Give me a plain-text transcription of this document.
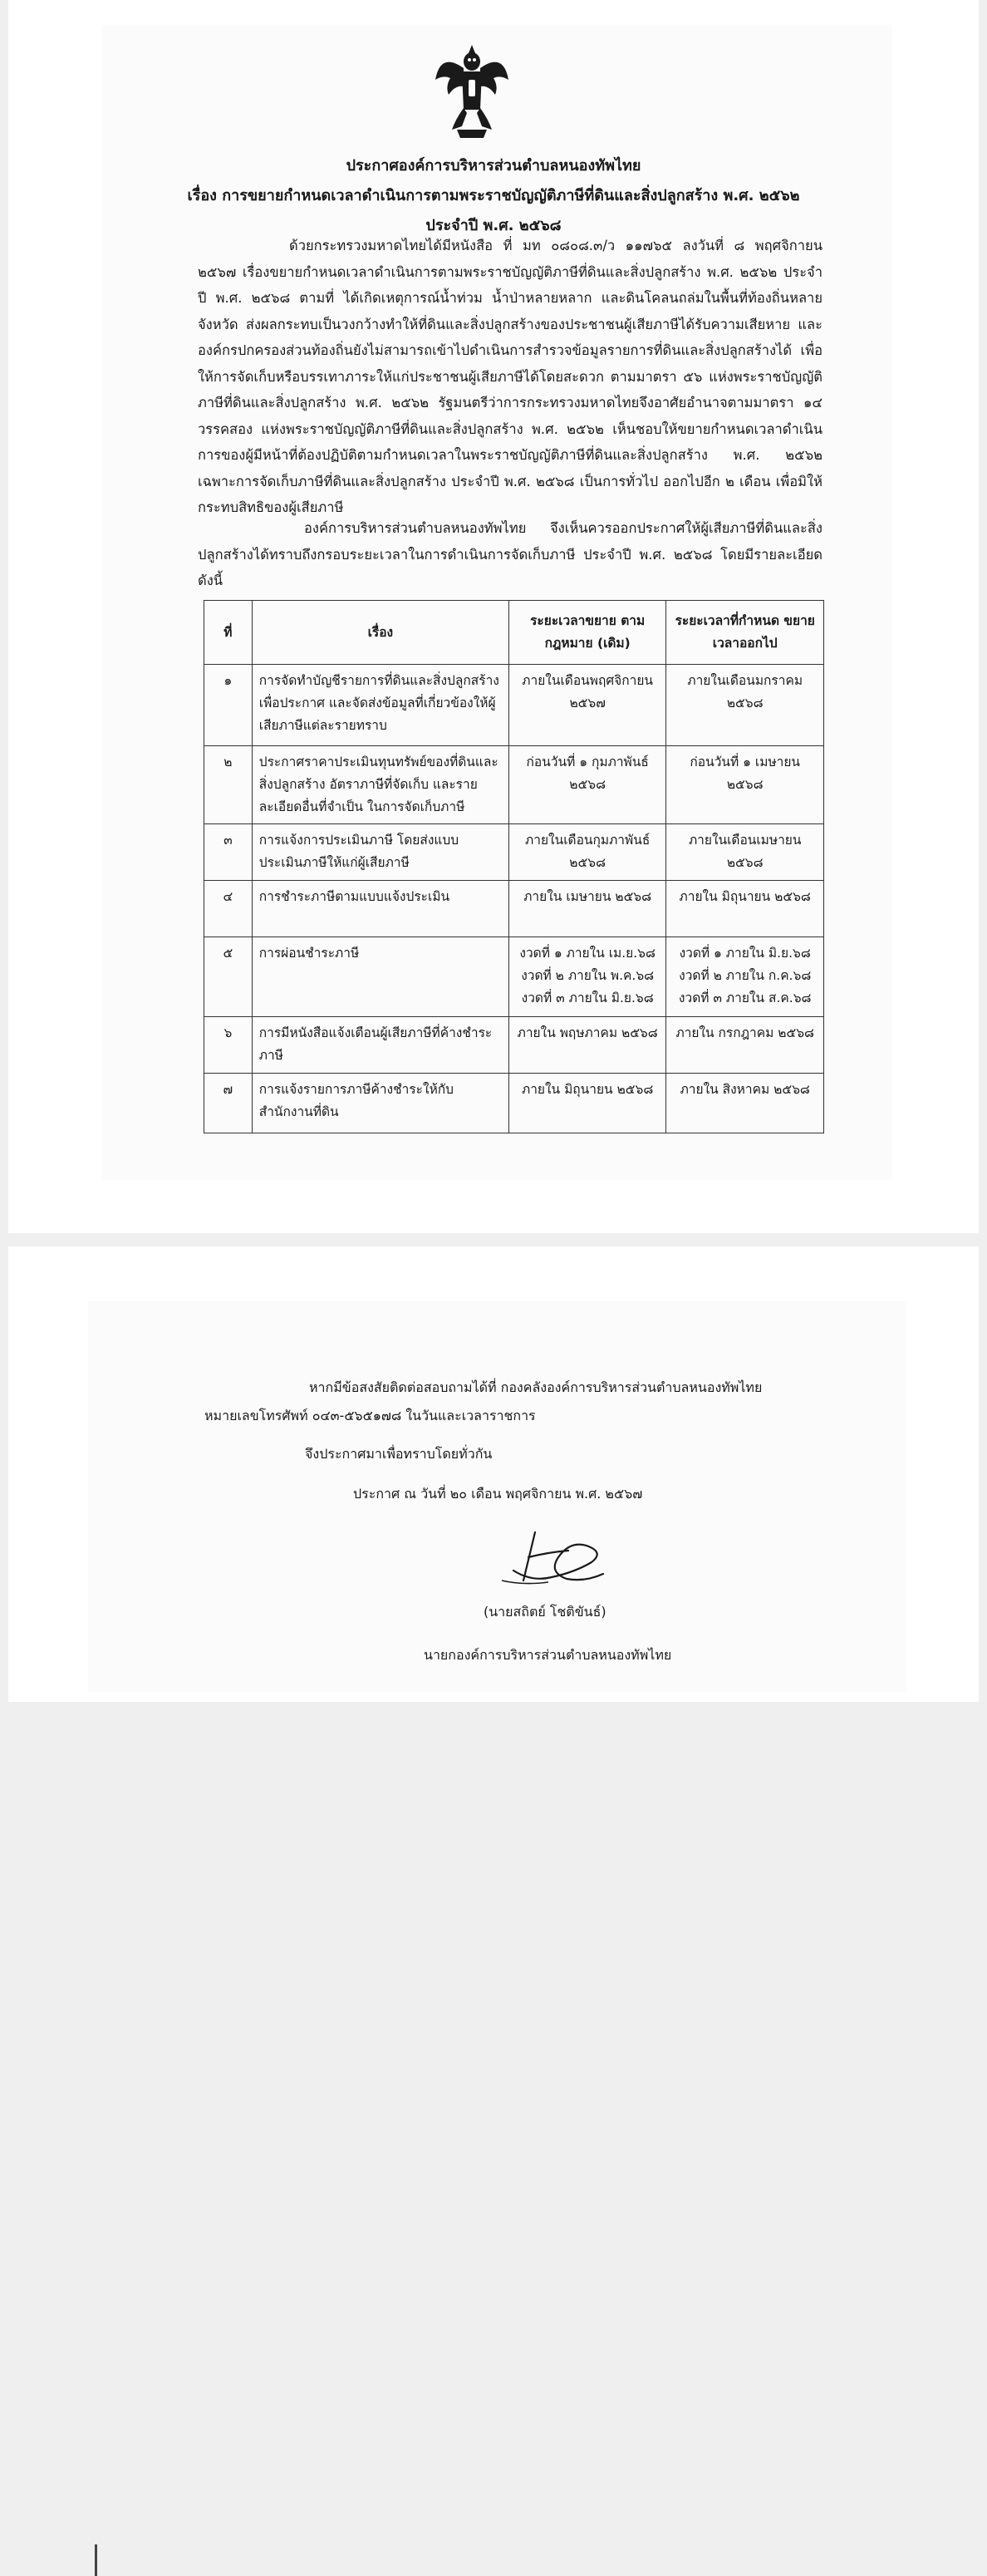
ประกาศองค์การบริหารส่วนตำบลหนองทัพไทย
เรื่อง การขยายกำหนดเวลาดำเนินการตามพระราชบัญญัติภาษีที่ดินและสิ่งปลูกสร้าง พ.ศ. ๒๕๖๒
ประจำปี พ.ศ. ๒๕๖๘
ด้วยกระทรวงมหาดไทยได้มีหนังสือ ที่ มท ๐๘๐๘.๓/ว ๑๑๗๖๕ ลงวันที่ ๘ พฤศจิกายน ๒๕๖๗ เรื่องขยายกำหนดเวลาดำเนินการตามพระราชบัญญัติภาษีที่ดินและสิ่งปลูกสร้าง พ.ศ. ๒๕๖๒ ประจำปี พ.ศ. ๒๕๖๘ ตามที่ ได้เกิดเหตุการณ์น้ำท่วม น้ำป่าหลายหลาก และดินโคลนถล่มในพื้นที่ท้องถิ่นหลายจังหวัด ส่งผลกระทบเป็นวงกว้างทำให้ที่ดินและสิ่งปลูกสร้างของประชาชนผู้เสียภาษีได้รับความเสียหาย และองค์กรปกครองส่วนท้องถิ่นยังไม่สามารถเข้าไปดำเนินการสำรวจข้อมูลรายการที่ดินและสิ่งปลูกสร้างได้ เพื่อให้การจัดเก็บหรือบรรเทาภาระให้แก่ประชาชนผู้เสียภาษีได้โดยสะดวก ตามมาตรา ๕๖ แห่งพระราชบัญญัติภาษีที่ดินและสิ่งปลูกสร้าง พ.ศ. ๒๕๖๒ รัฐมนตรีว่าการกระทรวงมหาดไทยจึงอาศัยอำนาจตามมาตรา ๑๔ วรรคสอง แห่งพระราชบัญญัติภาษีที่ดินและสิ่งปลูกสร้าง พ.ศ. ๒๕๖๒ เห็นชอบให้ขยายกำหนดเวลาดำเนินการของผู้มีหน้าที่ต้องปฏิบัติตามกำหนดเวลาในพระราชบัญญัติภาษีที่ดินและสิ่งปลูกสร้าง พ.ศ. ๒๕๖๒ เฉพาะการจัดเก็บภาษีที่ดินและสิ่งปลูกสร้าง ประจำปี พ.ศ. ๒๕๖๘ เป็นการทั่วไป ออกไปอีก ๒ เดือน เพื่อมิให้กระทบสิทธิของผู้เสียภาษี
องค์การบริหารส่วนตำบลหนองทัพไทย จึงเห็นควรออกประกาศให้ผู้เสียภาษีที่ดินและสิ่งปลูกสร้างได้ทราบถึงกรอบระยะเวลาในการดำเนินการจัดเก็บภาษี ประจำปี พ.ศ. ๒๕๖๘ โดยมีรายละเอียดดังนี้
ที่	เรื่อง	ระยะเวลาขยาย ตามกฎหมาย (เดิม)	ระยะเวลาที่กำหนด ขยายเวลาออกไป
๑	การจัดทำบัญชีรายการที่ดินและสิ่งปลูกสร้างเพื่อประกาศ และจัดส่งข้อมูลที่เกี่ยวข้องให้ผู้เสียภาษีแต่ละรายทราบ	ภายในเดือนพฤศจิกายน ๒๕๖๗	ภายในเดือนมกราคม ๒๕๖๘
๒	ประกาศราคาประเมินทุนทรัพย์ของที่ดินและสิ่งปลูกสร้าง อัตราภาษีที่จัดเก็บ และรายละเอียดอื่นที่จำเป็น ในการจัดเก็บภาษี	ก่อนวันที่ ๑ กุมภาพันธ์ ๒๕๖๘	ก่อนวันที่ ๑ เมษายน ๒๕๖๘
๓	การแจ้งการประเมินภาษี โดยส่งแบบประเมินภาษีให้แก่ผู้เสียภาษี	ภายในเดือนกุมภาพันธ์ ๒๕๖๘	ภายในเดือนเมษายน ๒๕๖๘
๔	การชำระภาษีตามแบบแจ้งประเมิน	ภายใน เมษายน ๒๕๖๘	ภายใน มิถุนายน ๒๕๖๘
๕	การผ่อนชำระภาษี	งวดที่ ๑ ภายใน เม.ย.๖๘ งวดที่ ๒ ภายใน พ.ค.๖๘ งวดที่ ๓ ภายใน มิ.ย.๖๘	งวดที่ ๑ ภายใน มิ.ย.๖๘ งวดที่ ๒ ภายใน ก.ค.๖๘ งวดที่ ๓ ภายใน ส.ค.๖๘
๖	การมีหนังสือแจ้งเตือนผู้เสียภาษีที่ค้างชำระภาษี	ภายใน พฤษภาคม ๒๕๖๘	ภายใน กรกฎาคม ๒๕๖๘
๗	การแจ้งรายการภาษีค้างชำระให้กับสำนักงานที่ดิน	ภายใน มิถุนายน ๒๕๖๘	ภายใน สิงหาคม ๒๕๖๘
หากมีข้อสงสัยติดต่อสอบถามได้ที่ กองคลังองค์การบริหารส่วนตำบลหนองทัพไทย
หมายเลขโทรศัพท์ ๐๔๓-๕๖๕๑๗๘ ในวันและเวลาราชการ
จึงประกาศมาเพื่อทราบโดยทั่วกัน
ประกาศ ณ วันที่ ๒๐ เดือน พฤศจิกายน พ.ศ. ๒๕๖๗
(นายสถิตย์ โชติขันธ์)
นายกองค์การบริหารส่วนตำบลหนองทัพไทย
